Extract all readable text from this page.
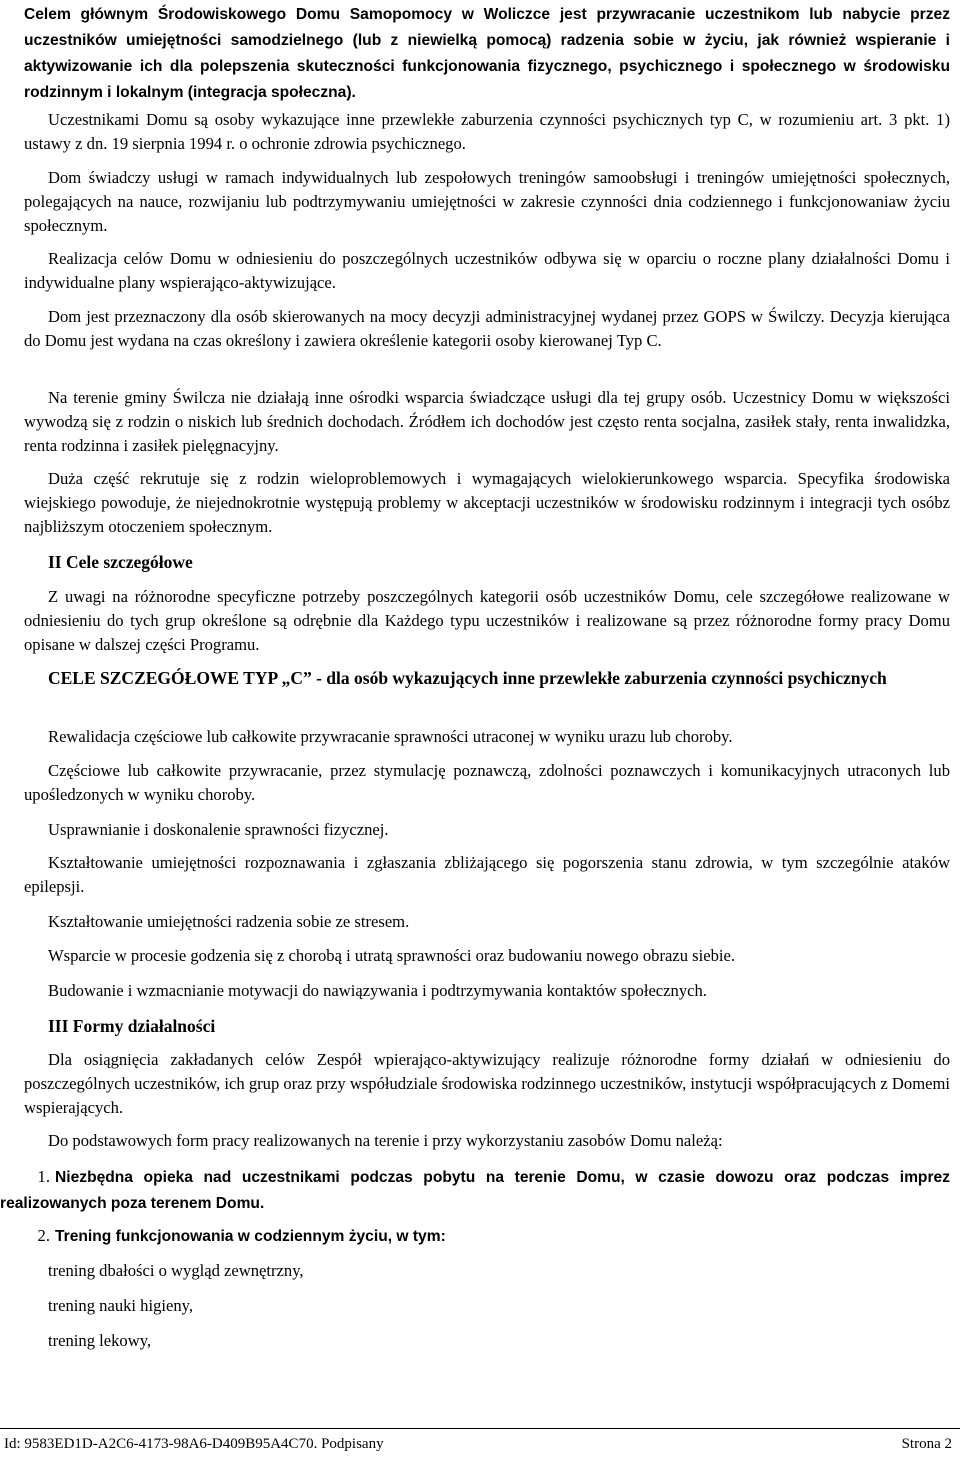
Celem głównym Środowiskowego Domu Samopomocy w Woliczce jest przywracanie uczestnikom lub nabycie przez uczestników umiejętności samodzielnego (lub z niewielką pomocą) radzenia sobie w życiu, jak również wspieranie i aktywizowanie ich dla polepszenia skuteczności funkcjonowania fizycznego, psychicznego i społecznego w środowisku rodzinnym i lokalnym (integracja społeczna).

Uczestnikami Domu są osoby wykazujące inne przewlekłe zaburzenia czynności psychicznych typ C, w rozumieniu art. 3 pkt. 1) ustawy z dn. 19 sierpnia 1994 r. o ochronie zdrowia psychicznego.

Dom świadczy usługi w ramach indywidualnych lub zespołowych treningów samoobsługi i treningów umiejętności społecznych, polegających na nauce, rozwijaniu lub podtrzymywaniu umiejętności w zakresie czynności dnia codziennego i funkcjonowaniaw życiu społecznym.

Realizacja celów Domu w odniesieniu do poszczególnych uczestników odbywa się w oparciu o roczne plany działalności Domu i indywidualne plany wspierająco-aktywizujące.

Dom jest przeznaczony dla osób skierowanych na mocy decyzji administracyjnej wydanej przez GOPS w Świlczy. Decyzja kierująca do Domu jest wydana na czas określony i zawiera określenie kategorii osoby kierowanej Typ C.

Na terenie gminy Świlcza nie działają inne ośrodki wsparcia świadczące usługi dla tej grupy osób. Uczestnicy Domu w większości wywodzą się z rodzin o niskich lub średnich dochodach. Źródłem ich dochodów jest często renta socjalna, zasiłek stały, renta inwalidzka, renta rodzinna i zasiłek pielęgnacyjny.

Duża część rekrutuje się z rodzin wieloproblemowych i wymagających wielokierunkowego wsparcia. Specyfika środowiska wiejskiego powoduje, że niejednokrotnie występują problemy w akceptacji uczestników w środowisku rodzinnym i integracji tych osóbz najbliższym otoczeniem społecznym.

II Cele szczegółowe

Z uwagi na różnorodne specyficzne potrzeby poszczególnych kategorii osób uczestników Domu, cele szczegółowe realizowane w odniesieniu do tych grup określone są odrębnie dla Każdego typu uczestników i realizowane są przez różnorodne formy pracy Domu opisane w dalszej części Programu.

CELE SZCZEGÓŁOWE TYP „C” - dla osób wykazujących inne przewlekłe zaburzenia czynności psychicznych

Rewalidacja częściowe lub całkowite przywracanie sprawności utraconej w wyniku urazu lub choroby.

Częściowe lub całkowite przywracanie, przez stymulację poznawczą, zdolności poznawczych i komunikacyjnych utraconych lub upośledzonych w wyniku choroby.

Usprawnianie i doskonalenie sprawności fizycznej.

Kształtowanie umiejętności rozpoznawania i zgłaszania zbliżającego się pogorszenia stanu zdrowia, w tym szczególnie ataków epilepsji.

Kształtowanie umiejętności radzenia sobie ze stresem.

Wsparcie w procesie godzenia się z chorobą i utratą sprawności oraz budowaniu nowego obrazu siebie.

Budowanie i wzmacnianie motywacji do nawiązywania i podtrzymywania kontaktów społecznych.

III Formy działalności

Dla osiągnięcia zakładanych celów Zespół wpierająco-aktywizujący realizuje różnorodne formy działań w odniesieniu do poszczególnych uczestników, ich grup oraz przy współudziale środowiska rodzinnego uczestników, instytucji współpracujących z Domemi wspierających.

Do podstawowych form pracy realizowanych na terenie i przy wykorzystaniu zasobów Domu należą:

1. Niezbędna opieka nad uczestnikami podczas pobytu na terenie Domu, w czasie dowozu oraz podczas imprez realizowanych poza terenem Domu.

2. Trening funkcjonowania w codziennym życiu, w tym:

trening dbałości o wygląd zewnętrzny,

trening nauki higieny,

trening lekowy,

Id: 9583ED1D-A2C6-4173-98A6-D409B95A4C70. Podpisany	Strona 2
